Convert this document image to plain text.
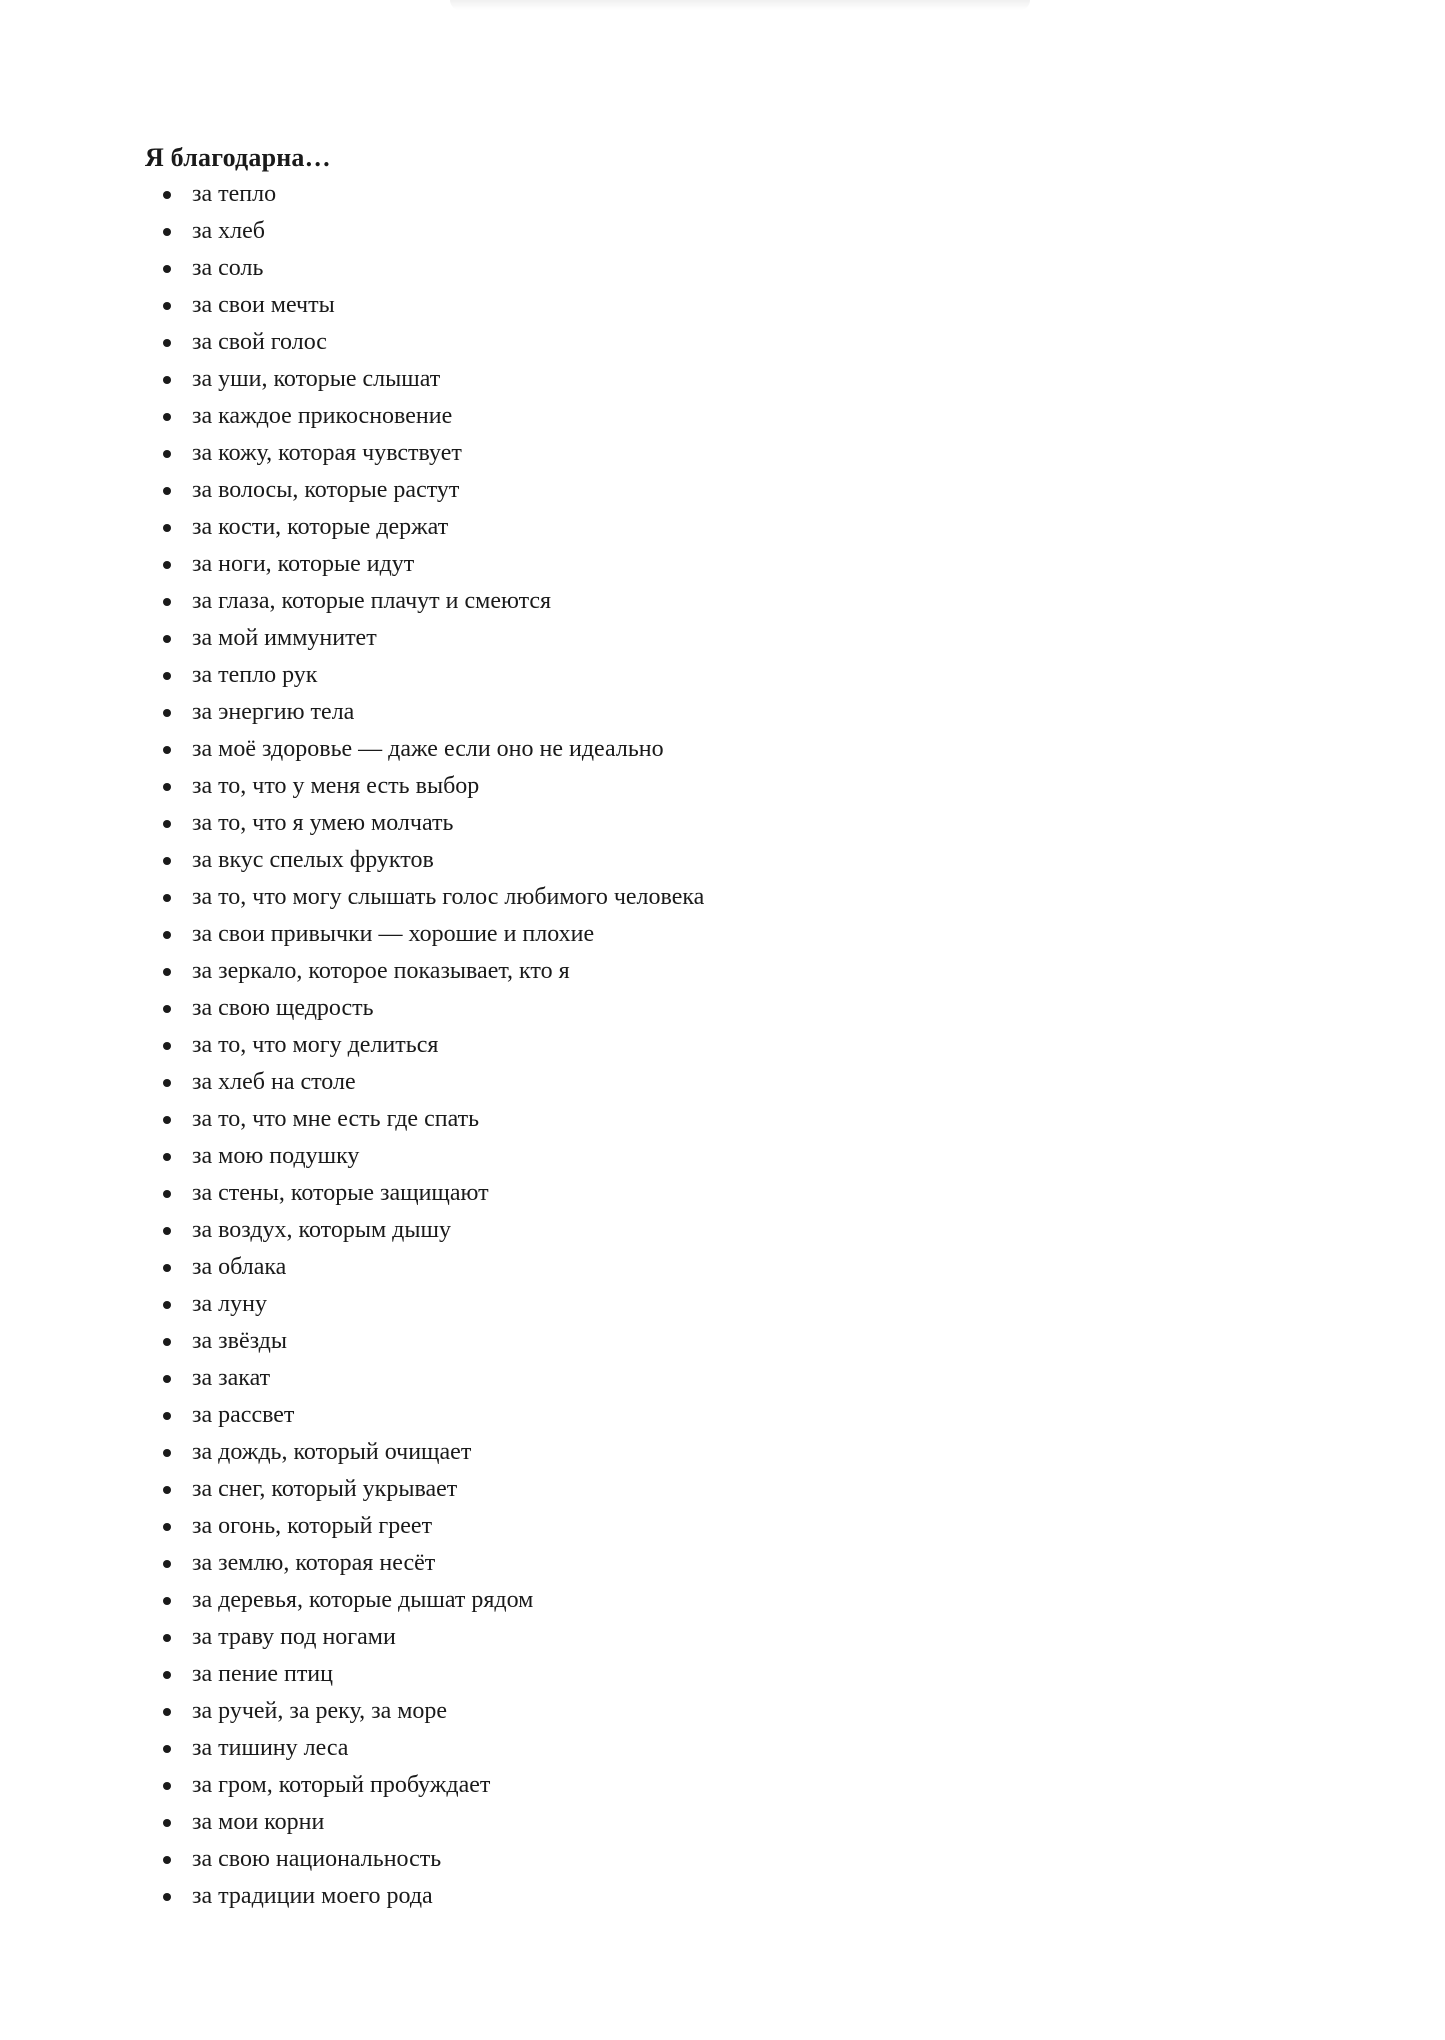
Я благодарна…
за тепло
за хлеб
за соль
за свои мечты
за свой голос
за уши, которые слышат
за каждое прикосновение
за кожу, которая чувствует
за волосы, которые растут
за кости, которые держат
за ноги, которые идут
за глаза, которые плачут и смеются
за мой иммунитет
за тепло рук
за энергию тела
за моё здоровье — даже если оно не идеально
за то, что у меня есть выбор
за то, что я умею молчать
за вкус спелых фруктов
за то, что могу слышать голос любимого человека
за свои привычки — хорошие и плохие
за зеркало, которое показывает, кто я
за свою щедрость
за то, что могу делиться
за хлеб на столе
за то, что мне есть где спать
за мою подушку
за стены, которые защищают
за воздух, которым дышу
за облака
за луну
за звёзды
за закат
за рассвет
за дождь, который очищает
за снег, который укрывает
за огонь, который греет
за землю, которая несёт
за деревья, которые дышат рядом
за траву под ногами
за пение птиц
за ручей, за реку, за море
за тишину леса
за гром, который пробуждает
за мои корни
за свою национальность
за традиции моего рода
